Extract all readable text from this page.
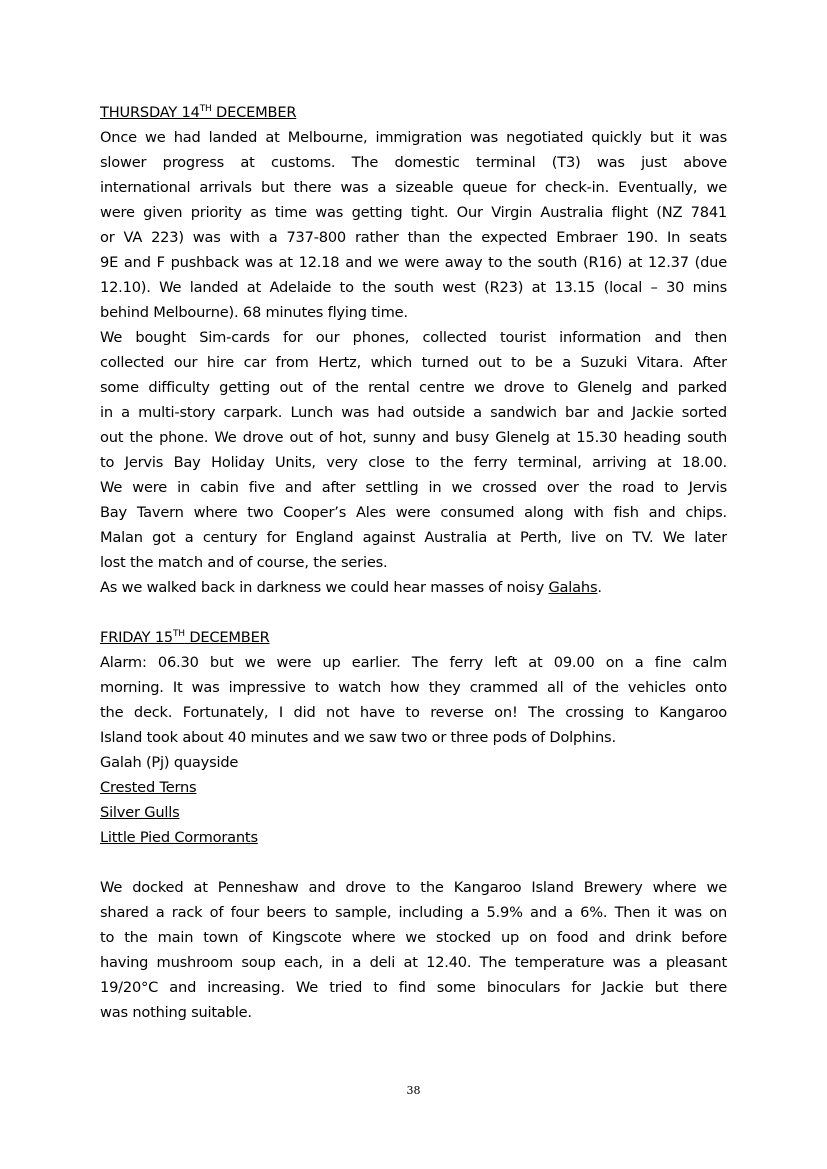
THURSDAY 14TH DECEMBER
Once we had landed at Melbourne, immigration was negotiated quickly but it was
slower progress at customs. The domestic terminal (T3) was just above
international arrivals but there was a sizeable queue for check-in. Eventually, we
were given priority as time was getting tight. Our Virgin Australia flight (NZ 7841
or VA 223) was with a 737-800 rather than the expected Embraer 190. In seats
9E and F pushback was at 12.18 and we were away to the south (R16) at 12.37 (due
12.10). We landed at Adelaide to the south west (R23) at 13.15 (local – 30 mins
behind Melbourne). 68 minutes flying time.
We bought Sim-cards for our phones, collected tourist information and then
collected our hire car from Hertz, which turned out to be a Suzuki Vitara. After
some difficulty getting out of the rental centre we drove to Glenelg and parked
in a multi-story carpark. Lunch was had outside a sandwich bar and Jackie sorted
out the phone. We drove out of hot, sunny and busy Glenelg at 15.30 heading south
to Jervis Bay Holiday Units, very close to the ferry terminal, arriving at 18.00.
We were in cabin five and after settling in we crossed over the road to Jervis
Bay Tavern where two Cooper’s Ales were consumed along with fish and chips.
Malan got a century for England against Australia at Perth, live on TV. We later
lost the match and of course, the series.
As we walked back in darkness we could hear masses of noisy Galahs.
FRIDAY 15TH DECEMBER
Alarm: 06.30 but we were up earlier. The ferry left at 09.00 on a fine calm
morning. It was impressive to watch how they crammed all of the vehicles onto
the deck. Fortunately, I did not have to reverse on! The crossing to Kangaroo
Island took about 40 minutes and we saw two or three pods of Dolphins.
Galah (Pj) quayside
Crested Terns
Silver Gulls
Little Pied Cormorants
We docked at Penneshaw and drove to the Kangaroo Island Brewery where we
shared a rack of four beers to sample, including a 5.9% and a 6%. Then it was on
to the main town of Kingscote where we stocked up on food and drink before
having mushroom soup each, in a deli at 12.40. The temperature was a pleasant
19/20°C and increasing. We tried to find some binoculars for Jackie but there
was nothing suitable.
38
